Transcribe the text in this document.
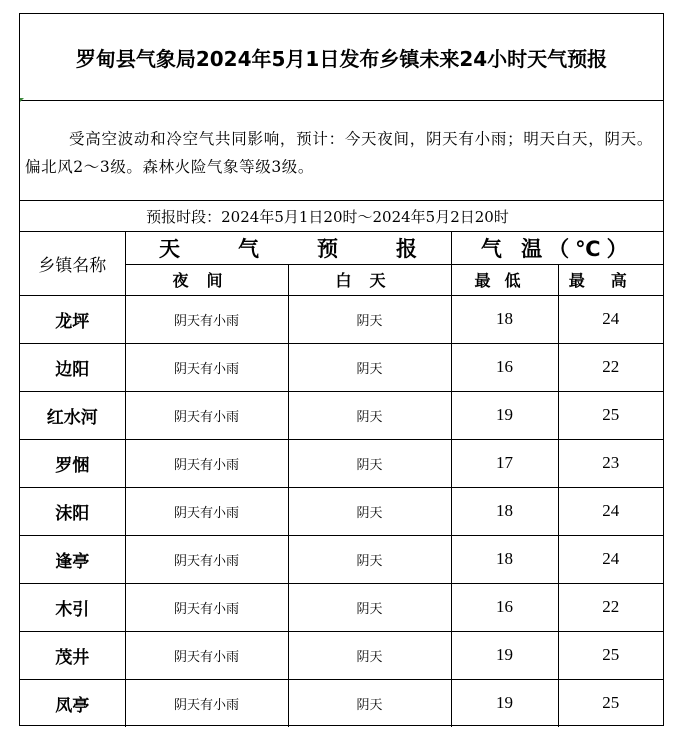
罗甸县气象局2024年5月1日发布乡镇未来24小时天气预报
受高空波动和冷空气共同影响，预计：今天夜间，阴天有小雨；明天白天，阴天。偏北风2～3级。森林火险气象等级3级。
预报时段：2024年5月1日20时～2024年5月2日20时
乡镇名称	天 气 预 报		气 温（℃）	
	夜间	白天	最低	最高
龙坪	阴天有小雨	阴天	18	24
边阳	阴天有小雨	阴天	16	22
红水河	阴天有小雨	阴天	19	25
罗悃	阴天有小雨	阴天	17	23
沫阳	阴天有小雨	阴天	18	24
逢亭	阴天有小雨	阴天	18	24
木引	阴天有小雨	阴天	16	22
茂井	阴天有小雨	阴天	19	25
凤亭	阴天有小雨	阴天	19	25
